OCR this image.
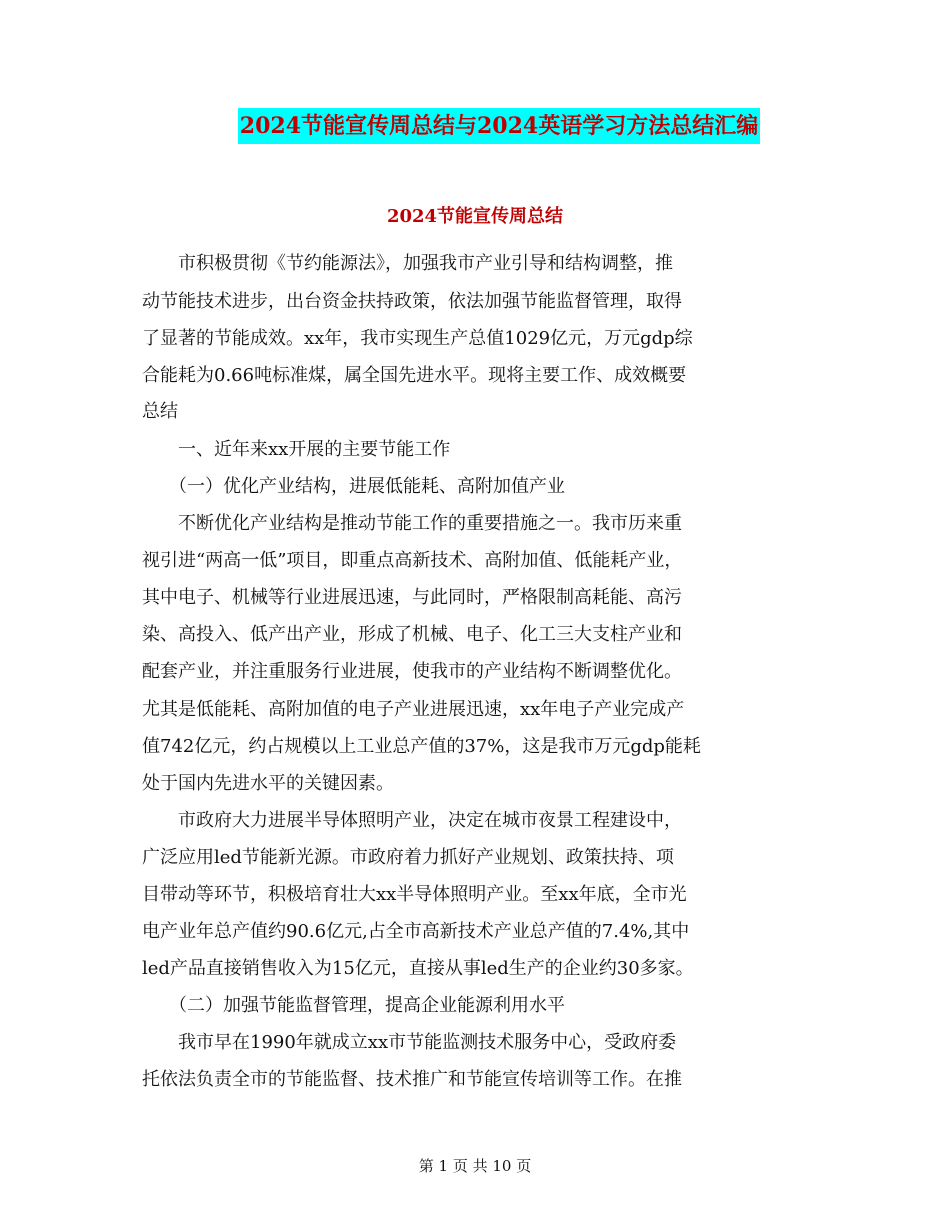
2024节能宣传周总结与2024英语学习方法总结汇编
2024节能宣传周总结
　　市积极贯彻《节约能源法》，加强我市产业引导和结构调整，推
动节能技术进步，出台资金扶持政策，依法加强节能监督管理，取得
了显著的节能成效。xx年，我市实现生产总值1029亿元，万元gdp综
合能耗为0.66吨标准煤，属全国先进水平。现将主要工作、成效概要
总结
　　一、近年来xx开展的主要节能工作
　　（一）优化产业结构，进展低能耗、高附加值产业
　　不断优化产业结构是推动节能工作的重要措施之一。我市历来重
视引进“两高一低”项目，即重点高新技术、高附加值、低能耗产业，
其中电子、机械等行业进展迅速，与此同时，严格限制高耗能、高污
染、高投入、低产出产业，形成了机械、电子、化工三大支柱产业和
配套产业，并注重服务行业进展，使我市的产业结构不断调整优化。
尤其是低能耗、高附加值的电子产业进展迅速，xx年电子产业完成产
值742亿元，约占规模以上工业总产值的37%，这是我市万元gdp能耗
处于国内先进水平的关键因素。
　　市政府大力进展半导体照明产业，决定在城市夜景工程建设中，
广泛应用led节能新光源。市政府着力抓好产业规划、政策扶持、项
目带动等环节，积极培育壮大xx半导体照明产业。至xx年底，全市光
电产业年总产值约90.6亿元,占全市高新技术产业总产值的7.4%,其中
led产品直接销售收入为15亿元，直接从事led生产的企业约30多家。
　　（二）加强节能监督管理，提高企业能源利用水平
　　我市早在1990年就成立xx市节能监测技术服务中心，受政府委
托依法负责全市的节能监督、技术推广和节能宣传培训等工作。在推
第 1 页 共 10 页
